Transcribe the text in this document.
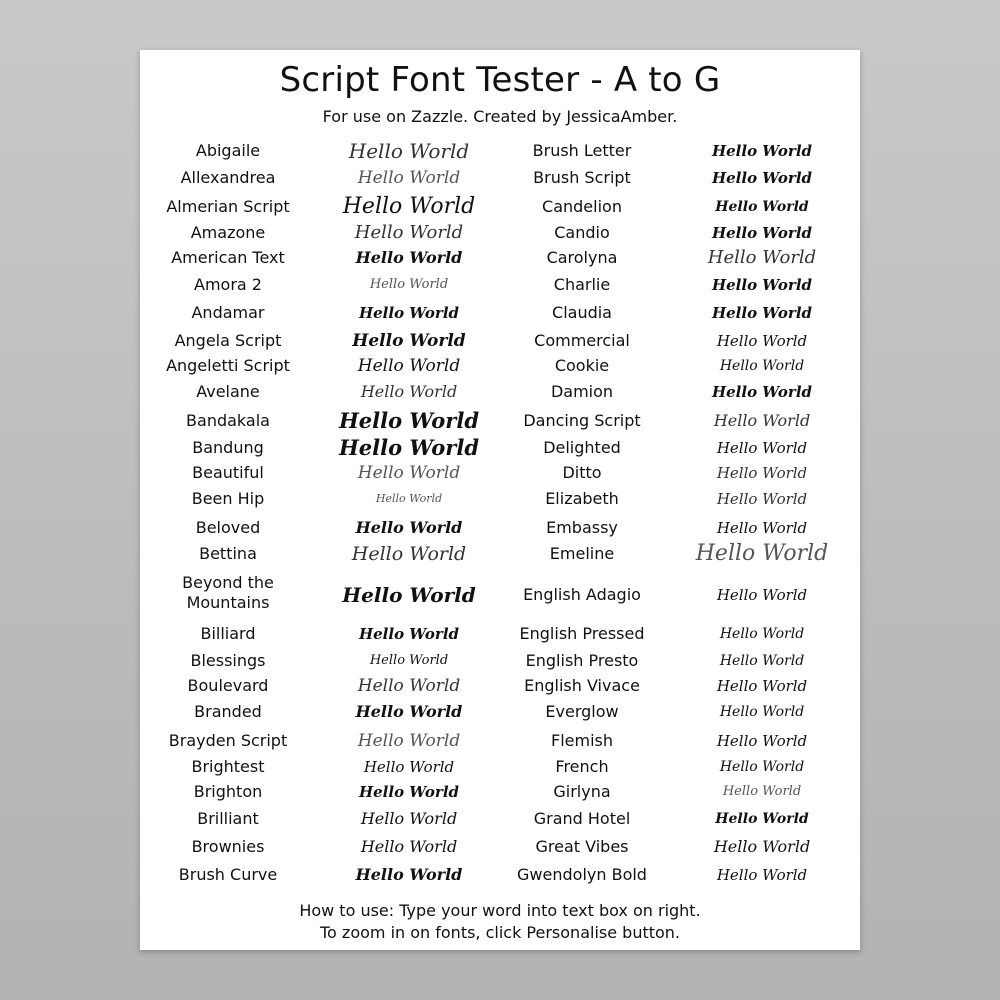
Script Font Tester - A to G
For use on Zazzle. Created by JessicaAmber.
Abigaile	Hello World	Brush Letter	Hello World
Allexandrea	Hello World	Brush Script	Hello World
Almerian Script	Hello World	Candelion	Hello World
Amazone	Hello World	Candio	Hello World
American Text	Hello World	Carolyna	Hello World
Amora 2	Hello World	Charlie	Hello World
Andamar	Hello World	Claudia	Hello World
Angela Script	Hello World	Commercial	Hello World
Angeletti Script	Hello World	Cookie	Hello World
Avelane	Hello World	Damion	Hello World
Bandakala	Hello World	Dancing Script	Hello World
Bandung	Hello World	Delighted	Hello World
Beautiful	Hello World	Ditto	Hello World
Been Hip	Hello World	Elizabeth	Hello World
Beloved	Hello World	Embassy	Hello World
Bettina	Hello World	Emeline	Hello World
Beyond the Mountains	Hello World	English Adagio	Hello World
Billiard	Hello World	English Pressed	Hello World
Blessings	Hello World	English Presto	Hello World
Boulevard	Hello World	English Vivace	Hello World
Branded	Hello World	Everglow	Hello World
Brayden Script	Hello World	Flemish	Hello World
Brightest	Hello World	French	Hello World
Brighton	Hello World	Girlyna	Hello World
Brilliant	Hello World	Grand Hotel	Hello World
Brownies	Hello World	Great Vibes	Hello World
Brush Curve	Hello World	Gwendolyn Bold	Hello World
How to use: Type your word into text box on right.
To zoom in on fonts, click Personalise button.
